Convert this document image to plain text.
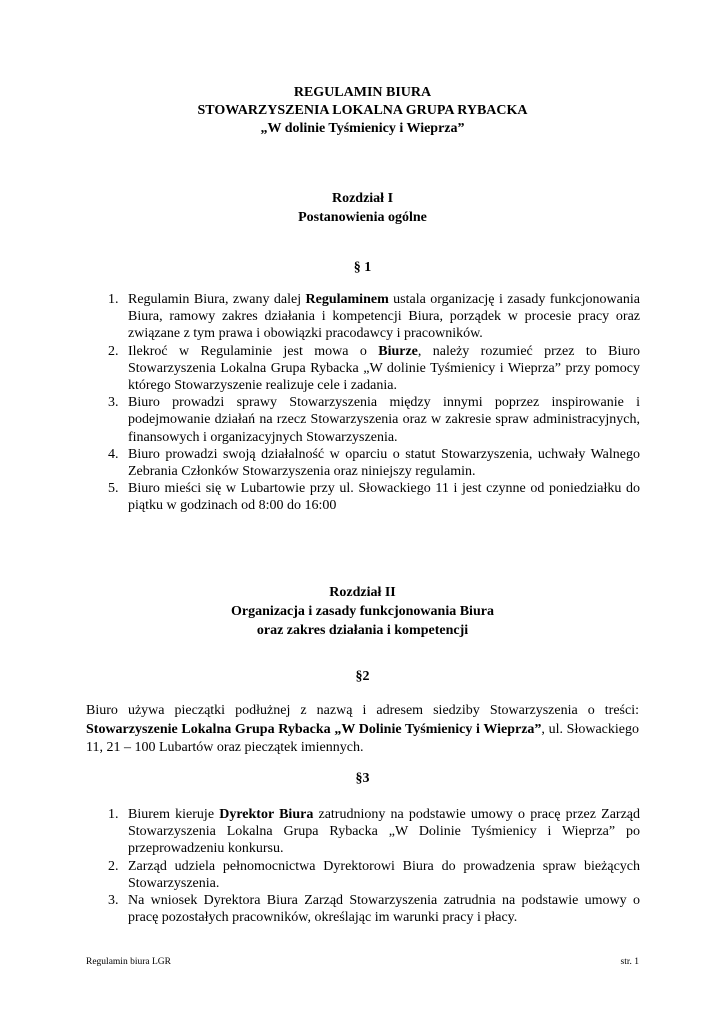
REGULAMIN BIURA
STOWARZYSZENIA LOKALNA GRUPA RYBACKA
„W dolinie Tyśmienicy i Wieprza”
Rozdział I
Postanowienia ogólne
§ 1
1. Regulamin Biura, zwany dalej Regulaminem ustala organizację i zasady funkcjonowania Biura, ramowy zakres działania i kompetencji Biura, porządek w procesie pracy oraz związane z tym prawa i obowiązki pracodawcy i pracowników.
2. Ilekroć w Regulaminie jest mowa o Biurze, należy rozumieć przez to Biuro Stowarzyszenia Lokalna Grupa Rybacka „W dolinie Tyśmienicy i Wieprza” przy pomocy którego Stowarzyszenie realizuje cele i zadania.
3. Biuro prowadzi sprawy Stowarzyszenia między innymi poprzez inspirowanie i podejmowanie działań na rzecz Stowarzyszenia oraz w zakresie spraw administracyjnych, finansowych i organizacyjnych Stowarzyszenia.
4. Biuro prowadzi swoją działalność w oparciu o statut Stowarzyszenia, uchwały Walnego Zebrania Członków Stowarzyszenia oraz niniejszy regulamin.
5. Biuro mieści się w Lubartowie przy ul. Słowackiego 11 i jest czynne od poniedziałku do piątku w godzinach od 8:00 do 16:00
Rozdział II
Organizacja i zasady funkcjonowania Biura
oraz zakres działania i kompetencji
§2
Biuro używa pieczątki podłużnej z nazwą i adresem siedziby Stowarzyszenia o treści: Stowarzyszenie Lokalna Grupa Rybacka „W Dolinie Tyśmienicy i Wieprza”, ul. Słowackiego 11, 21 – 100 Lubartów oraz pieczątek imiennych.
§3
1. Biurem kieruje Dyrektor Biura zatrudniony na podstawie umowy o pracę przez Zarząd Stowarzyszenia Lokalna Grupa Rybacka „W Dolinie Tyśmienicy i Wieprza” po przeprowadzeniu konkursu.
2. Zarząd udziela pełnomocnictwa Dyrektorowi Biura do prowadzenia spraw bieżących Stowarzyszenia.
3. Na wniosek Dyrektora Biura Zarząd Stowarzyszenia zatrudnia na podstawie umowy o pracę pozostałych pracowników, określając im warunki pracy i płacy.
Regulamin biura LGR	str. 1
